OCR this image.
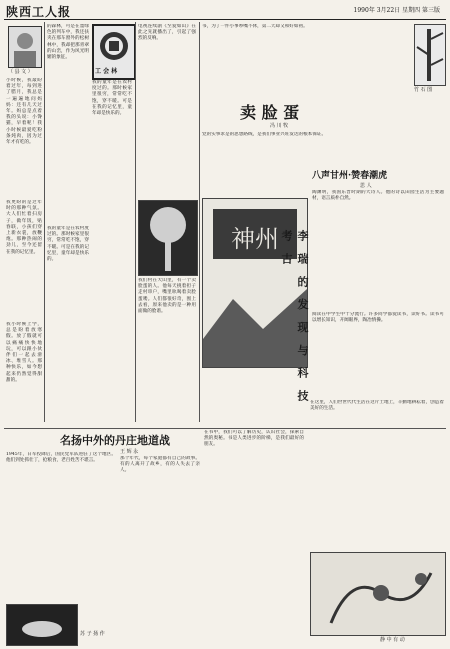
陕西工人报	1990年 3月22日 星期四 第三版
（ 县 文 ）
小时候，我最盼着过年，每到进了腊月，我总是一遍遍地问妈妈：还有几天过年。妈总是点着我的头说：小馋猫，早着呢！我小时候最爱吃粉条炖肉，因为过年才有吃的。
我更盼的是过年时的那种气氛。大人们忙着扫房子，做年饭，贴春联，小孩们穿上新衣裳，放鞭炮。那种热闹的劲儿，至今还留在我的记忆里。
我小时候上学，总是盼着放寒假。放了假就可以痛痛快快地玩，可以跟小伙伴们一起去滑冰、堆雪人。那种快乐，如今想起来仍然觉得甜甜的。
的森林，可是在墨绿色的列车中，我还扶夹在那车窗外的松树林中，我却把那青翠的山峦，作为风光明媚的象征。
我的童年是在农村度过的。那时候家里很穷，常常吃不饱，穿不暖。可是在我的记忆里，童年却是快乐的。
工 会 林
我的童年是在农村度过的。那时候家里很穷，常常吃不饱，穿不暖。可是在我的记忆里，童年却是快乐的。
电视连续剧《至爱如山》在此之先就播出了，引起了强烈的反响。
我们村在大山里，有一个卖脸蛋的人。他每天挑着担子走村串户，嘴里吆喝着卖脸蛋喽。人们都很好奇，围上去看，原来他卖的是一种用面做的脸谱。
书，为了一件小事吵嘴不休，第二天却又和好如初。
卖 脸 蛋
冯 川 牧
党的实事求是的思想路线，是我们事业兴旺发达的根本保证。
八声甘州·赞春潮虎
思 人
陶渊明，我国东晋时期的大诗人。他的诗以田园生活为主要题材，语言质朴自然。
竹 石 图
神州	李 瑞 的 发 现 与 科 技 考 古
阅读在中学生中十分流行。许多同学都爱读书，读好书。读书可以增长知识，开阔眼界，陶冶情操。
名扬中外的丹庄地道战
王 辉 永
1945年，日军投降后，国民党军队进驻了这个地区。他们到处抓壮丁，抢粮食，老百姓苦不堪言。	那个年代，每个家庭都有自己的故事。有的人离开了故乡，有的人失去了亲人。
在书中，我们可以了解历史，认识社会，探索自然的奥秘。书是人类进步的阶梯，是我们最好的朋友。
在这里，人们世世代代生活在这片土地上，辛勤地耕耘着，创造着美好的生活。
苏 子 扬 作
静 中 有 动
